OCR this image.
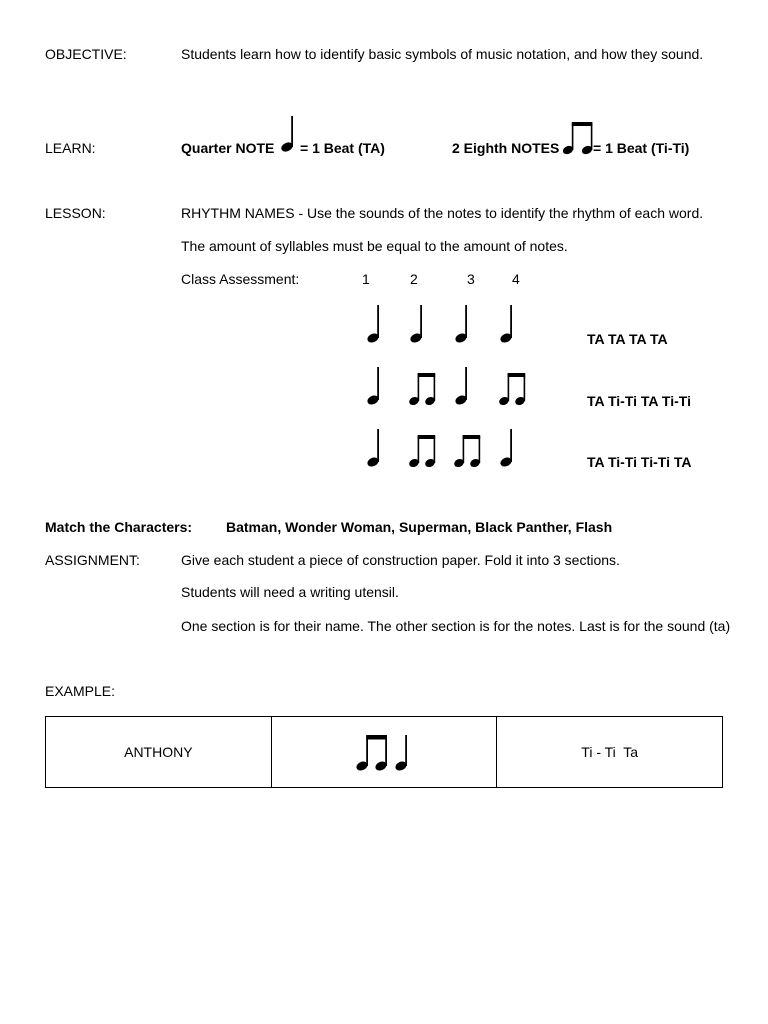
OBJECTIVE:	Students learn how to identify basic symbols of music notation, and how they sound.
LEARN:	Quarter NOTE = 1 Beat (TA)	2 Eighth NOTES = 1 Beat (Ti-Ti)
LESSON:	RHYTHM NAMES - Use the sounds of the notes to identify the rhythm of each word.
The amount of syllables must be equal to the amount of notes.
Class Assessment:	1	2	3	4
TA TA TA TA
TA Ti-Ti TA Ti-Ti
TA Ti-Ti Ti-Ti TA
Match the Characters: Batman, Wonder Woman, Superman, Black Panther, Flash
ASSIGNMENT:	Give each student a piece of construction paper. Fold it into 3 sections.
Students will need a writing utensil.
One section is for their name. The other section is for the notes. Last is for the sound (ta)
EXAMPLE:
ANTHONY	Ti - Ti  Ta
